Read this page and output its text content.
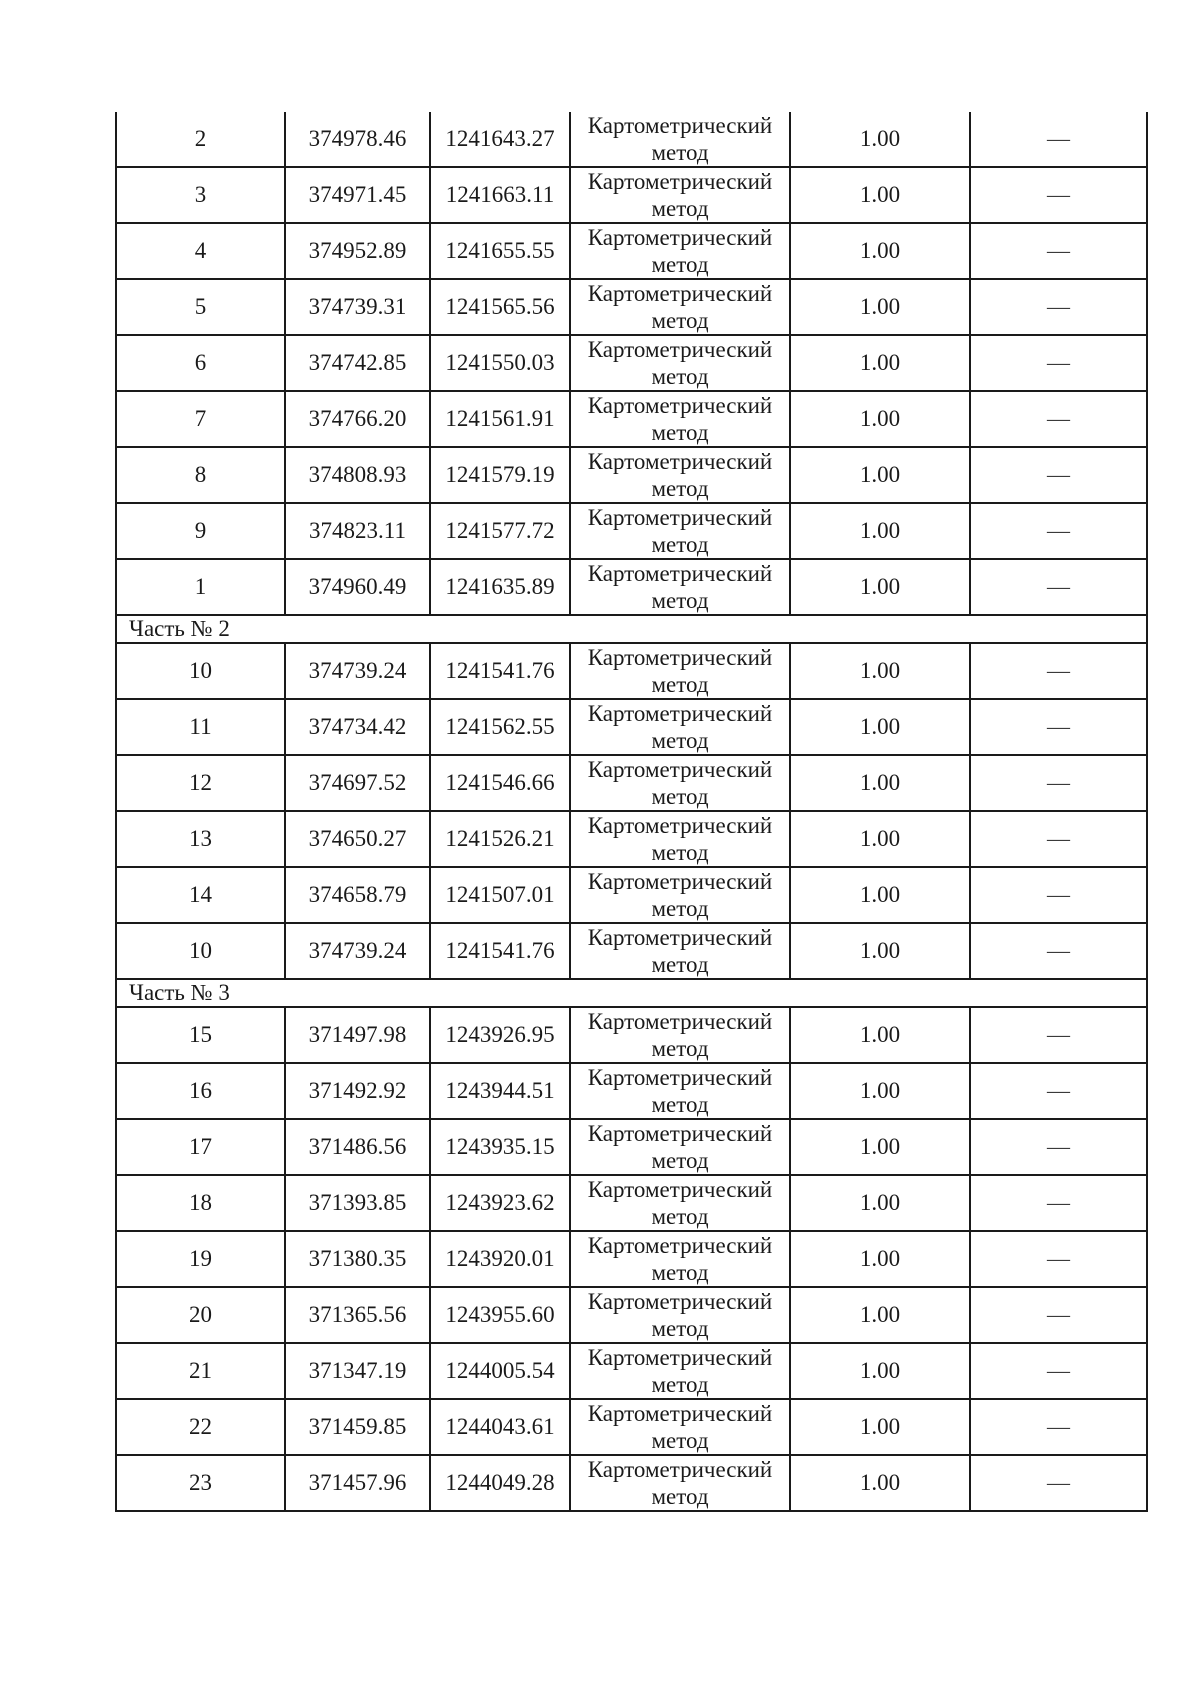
2	374978.46	1241643.27	Картометрический
метод	1.00	—
3	374971.45	1241663.11	Картометрический
метод	1.00	—
4	374952.89	1241655.55	Картометрический
метод	1.00	—
5	374739.31	1241565.56	Картометрический
метод	1.00	—
6	374742.85	1241550.03	Картометрический
метод	1.00	—
7	374766.20	1241561.91	Картометрический
метод	1.00	—
8	374808.93	1241579.19	Картометрический
метод	1.00	—
9	374823.11	1241577.72	Картометрический
метод	1.00	—
1	374960.49	1241635.89	Картометрический
метод	1.00	—
Часть № 2					
10	374739.24	1241541.76	Картометрический
метод	1.00	—
11	374734.42	1241562.55	Картометрический
метод	1.00	—
12	374697.52	1241546.66	Картометрический
метод	1.00	—
13	374650.27	1241526.21	Картометрический
метод	1.00	—
14	374658.79	1241507.01	Картометрический
метод	1.00	—
10	374739.24	1241541.76	Картометрический
метод	1.00	—
Часть № 3					
15	371497.98	1243926.95	Картометрический
метод	1.00	—
16	371492.92	1243944.51	Картометрический
метод	1.00	—
17	371486.56	1243935.15	Картометрический
метод	1.00	—
18	371393.85	1243923.62	Картометрический
метод	1.00	—
19	371380.35	1243920.01	Картометрический
метод	1.00	—
20	371365.56	1243955.60	Картометрический
метод	1.00	—
21	371347.19	1244005.54	Картометрический
метод	1.00	—
22	371459.85	1244043.61	Картометрический
метод	1.00	—
23	371457.96	1244049.28	Картометрический
метод	1.00	—
